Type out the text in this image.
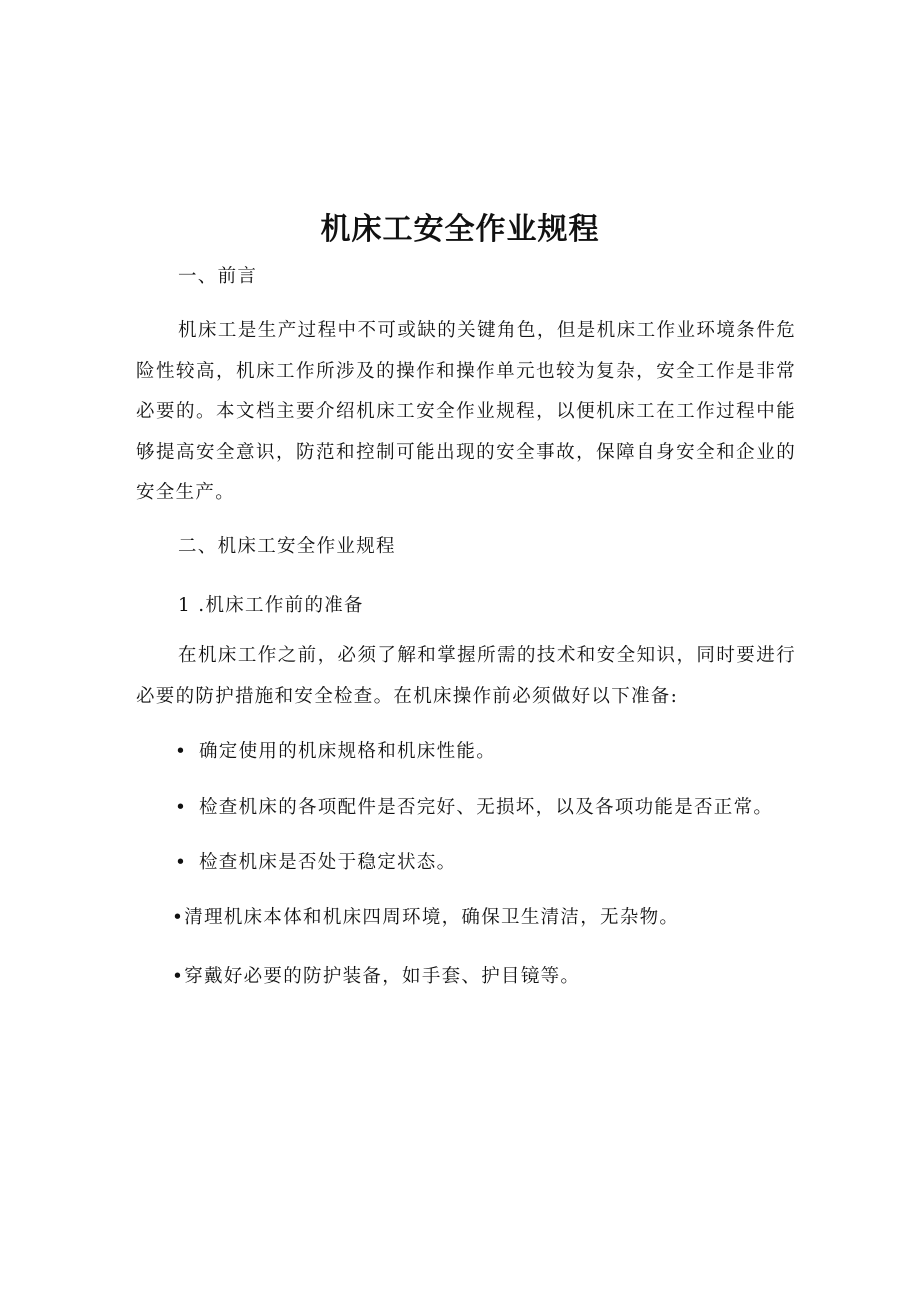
机床工安全作业规程
一、前言
机床工是生产过程中不可或缺的关键角色，但是机床工作业环境条件危险性较高，机床工作所涉及的操作和操作单元也较为复杂，安全工作是非常必要的。本文档主要介绍机床工安全作业规程，以便机床工在工作过程中能够提高安全意识，防范和控制可能出现的安全事故，保障自身安全和企业的安全生产。
二、机床工安全作业规程
1 .机床工作前的准备
在机床工作之前，必须了解和掌握所需的技术和安全知识，同时要进行必要的防护措施和安全检查。在机床操作前必须做好以下准备:
• 确定使用的机床规格和机床性能。
• 检查机床的各项配件是否完好、无损坏，以及各项功能是否正常。
• 检查机床是否处于稳定状态。
•清理机床本体和机床四周环境，确保卫生清洁，无杂物。
•穿戴好必要的防护装备，如手套、护目镜等。
